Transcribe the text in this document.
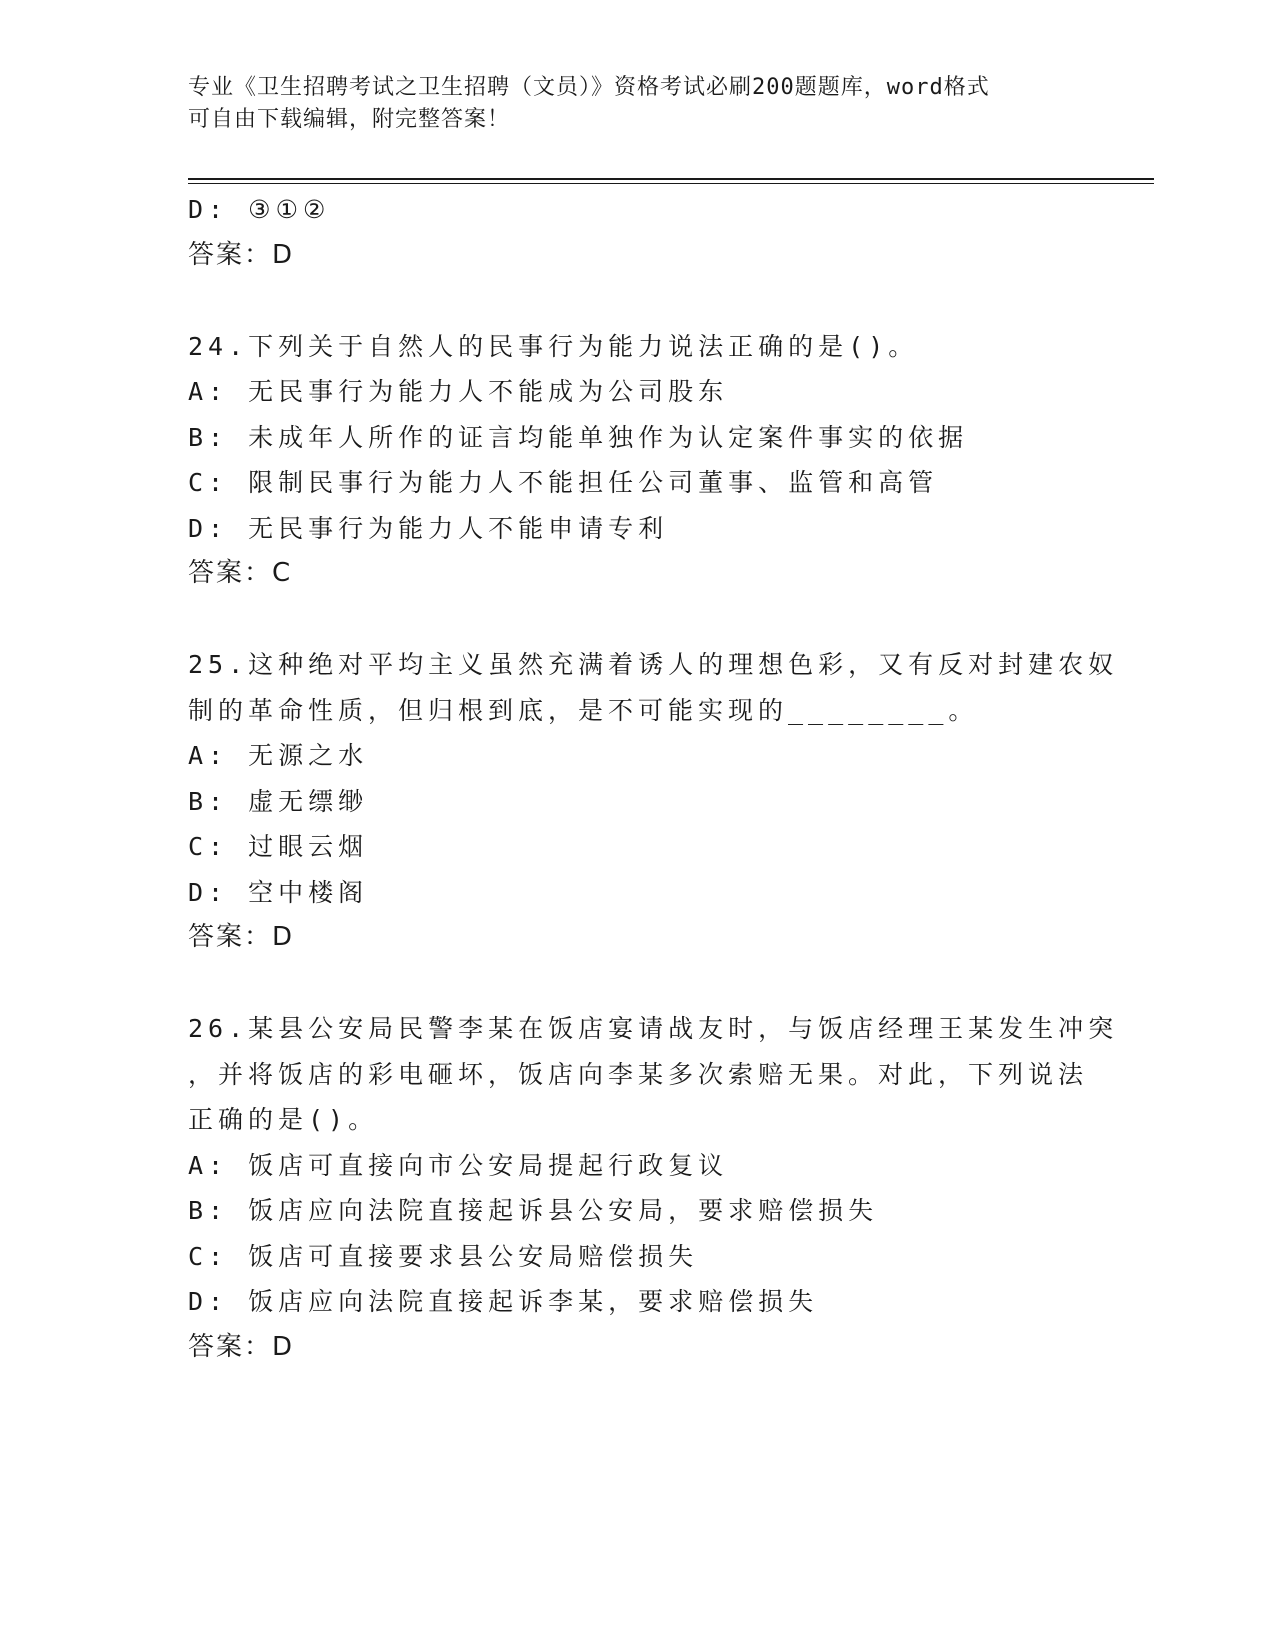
专业《卫生招聘考试之卫生招聘（文员）》资格考试必刷200题题库，word格式
可自由下载编辑，附完整答案！
D: ③①②
答案：D
24.下列关于自然人的民事行为能力说法正确的是()。
A: 无民事行为能力人不能成为公司股东
B: 未成年人所作的证言均能单独作为认定案件事实的依据
C: 限制民事行为能力人不能担任公司董事、监管和高管
D: 无民事行为能力人不能申请专利
答案：C
25.这种绝对平均主义虽然充满着诱人的理想色彩，又有反对封建农奴
制的革命性质，但归根到底，是不可能实现的________。
A: 无源之水
B: 虚无缥缈
C: 过眼云烟
D: 空中楼阁
答案：D
26.某县公安局民警李某在饭店宴请战友时，与饭店经理王某发生冲突
，并将饭店的彩电砸坏，饭店向李某多次索赔无果。对此，下列说法
正确的是()。
A: 饭店可直接向市公安局提起行政复议
B: 饭店应向法院直接起诉县公安局，要求赔偿损失
C: 饭店可直接要求县公安局赔偿损失
D: 饭店应向法院直接起诉李某，要求赔偿损失
答案：D
